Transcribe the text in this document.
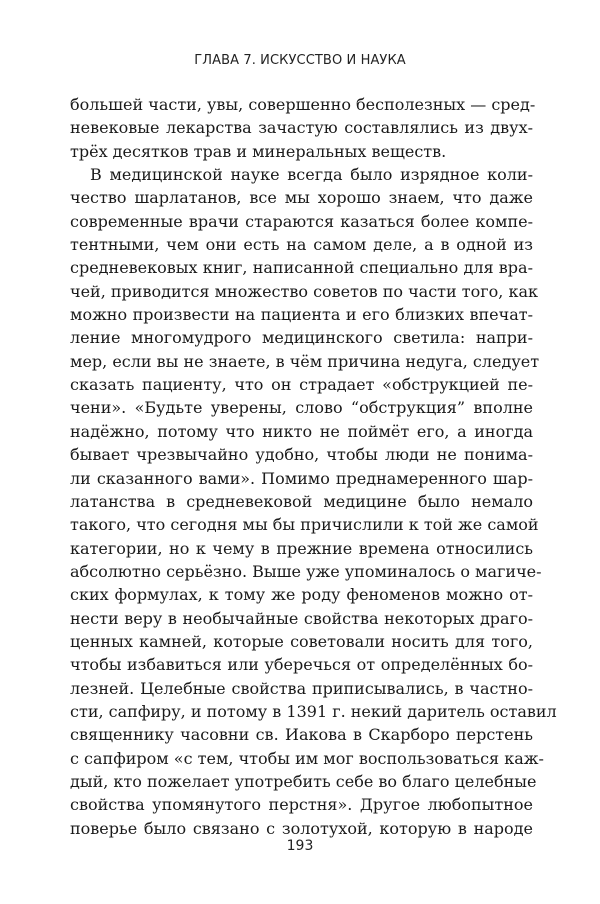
ГЛАВА 7. ИСКУССТВО И НАУКА
большей части, увы, совершенно бесполезных — сред-
невековые лекарства зачастую составлялись из двух-
трёх десятков трав и минеральных веществ.
В медицинской науке всегда было изрядное коли-
чество шарлатанов, все мы хорошо знаем, что даже
современные врачи стараются казаться более компе-
тентными, чем они есть на самом деле, а в одной из
средневековых книг, написанной специально для вра-
чей, приводится множество советов по части того, как
можно произвести на пациента и его близких впечат-
ление многомудрого медицинского светила: напри-
мер, если вы не знаете, в чём причина недуга, следует
сказать пациенту, что он страдает «обструкцией пе-
чени». «Будьте уверены, слово “обструкция” вполне
надёжно, потому что никто не поймёт его, а иногда
бывает чрезвычайно удобно, чтобы люди не понима-
ли сказанного вами». Помимо преднамеренного шар-
латанства в средневековой медицине было немало
такого, что сегодня мы бы причислили к той же самой
категории, но к чему в прежние времена относились
абсолютно серьёзно. Выше уже упоминалось о магиче-
ских формулах, к тому же роду феноменов можно от-
нести веру в необычайные свойства некоторых драго-
ценных камней, которые советовали носить для того,
чтобы избавиться или уберечься от определённых бо-
лезней. Целебные свойства приписывались, в частно-
сти, сапфиру, и потому в 1391 г. некий даритель оставил
священнику часовни св. Иакова в Скарборо перстень
с сапфиром «с тем, чтобы им мог воспользоваться каж-
дый, кто пожелает употребить себе во благо целебные
свойства упомянутого перстня». Другое любопытное
поверье было связано с золотухой, которую в народе
193
